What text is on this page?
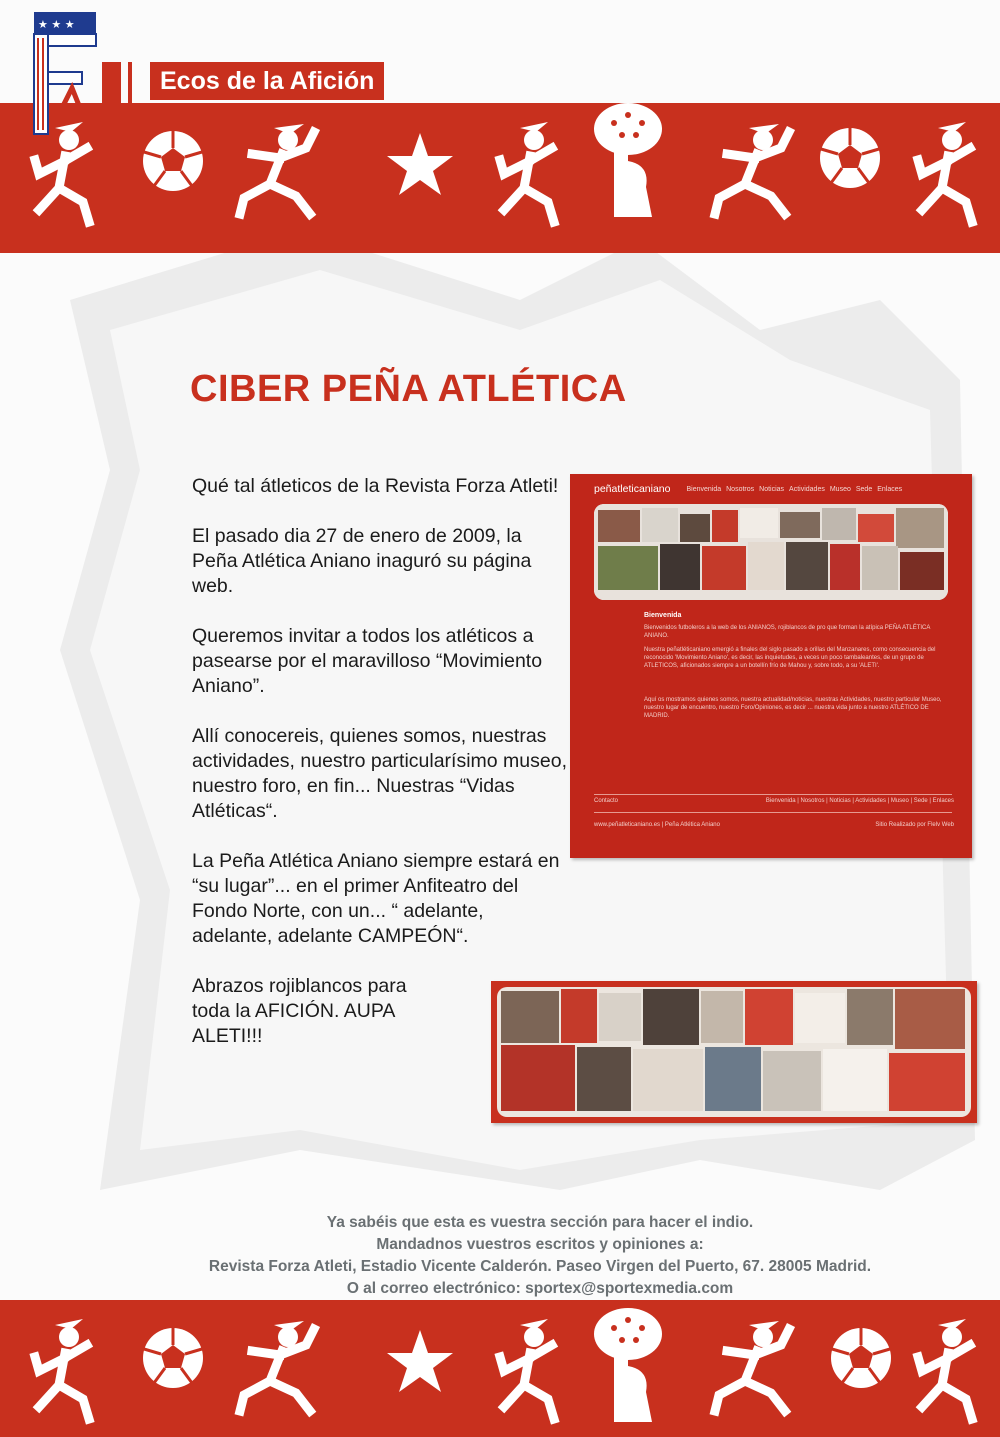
Ecos de la Afición
★ ★ ★
CIBER PEÑA ATLÉTICA

Qué tal átleticos de la Revista Forza Atleti!

El pasado dia 27 de enero de 2009, la Peña Atlética Aniano inaguró su página web.

Queremos invitar a todos los atléticos a pasearse por el maravilloso “Movimiento Aniano”.

Allí conocereis, quienes somos, nuestras actividades, nuestro particularísimo museo, nuestro foro, en fin... Nuestras “Vidas Atléticas“.

La Peña Atlética Aniano siempre estará en “su lugar”... en el primer Anfiteatro del Fondo Norte, con un... “ adelante, adelante, adelante CAMPEÓN“.

Abrazos rojiblancos para toda la AFICIÓN. AUPA ALETI!!!

peñatleticaniano Bienvenida Nosotros Noticias Actividades Museo Sede Enlaces
Bienvenida
Bienvenidos futboleros a la web de los ANIANOS, rojiblancos de pro que forman la atípica PEÑA ATLÉTICA ANIANO.
Nuestra peñatléticaniano emergió a finales del siglo pasado a orillas del Manzanares, como consecuencia del reconocido 'Movimiento Aniano', es decir, las inquietudes, a veces un poco tambaleantes, de un grupo de ATLETICOS, aficionados siempre a un botellín frío de Mahou y, sobre todo, a su 'ALETI'.
Aquí os mostramos quienes somos, nuestra actualidad/noticias, nuestras Actividades, nuestro particular Museo, nuestro lugar de encuentro, nuestro Foro/Opiniones, es decir ... nuestra vida junto a nuestro ATLÉTICO DE MADRID.
Contacto	Bienvenida | Nosotros | Noticias | Actividades | Museo | Sede | Enlaces
www.peñatleticaniano.es | Peña Atlética Aniano	Sitio Realizado por Flelv Web
Ya sabéis que esta es vuestra sección para hacer el indio.
Mandadnos vuestros escritos y opiniones a:
Revista Forza Atleti, Estadio Vicente Calderón. Paseo Virgen del Puerto, 67. 28005 Madrid.
O al correo electrónico: sportex@sportexmedia.com
